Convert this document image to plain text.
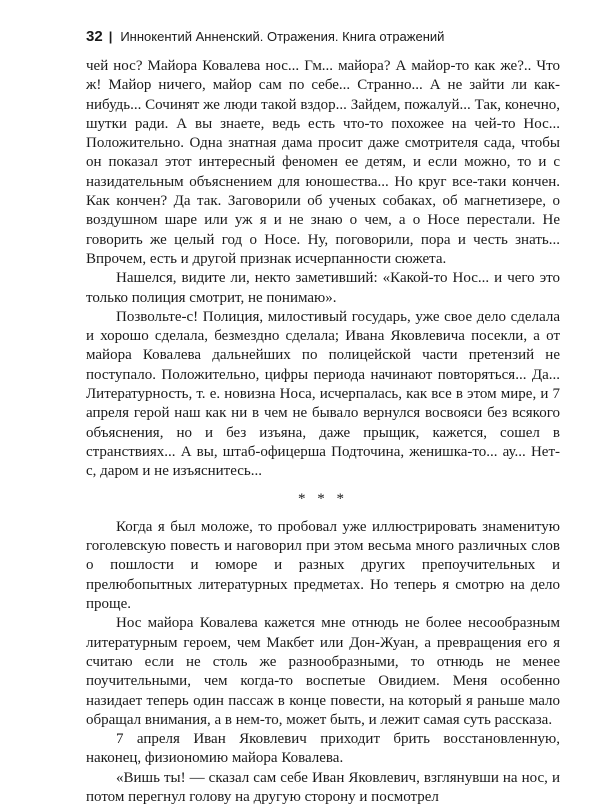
32 | Иннокентий Анненский. Отражения. Книга отражений

чей нос? Майора Ковалева нос... Гм... майора? А майор-то как же?.. Что ж! Майор ничего, майор сам по себе... Странно... А не зайти ли как-нибудь... Сочинят же люди такой вздор... Зайдем, пожалуй... Так, конечно, шутки ради. А вы знаете, ведь есть что-то похожее на чей-то Нос... Положительно. Одна знатная дама просит даже смотрителя сада, чтобы он показал этот интересный феномен ее детям, и если можно, то и с назидательным объяснением для юношества... Но круг все-таки кончен. Как кончен? Да так. Заговорили об ученых собаках, об магнетизере, о воздушном шаре или уж я и не знаю о чем, а о Носе перестали. Не говорить же целый год о Носе. Ну, поговорили, пора и честь знать... Впрочем, есть и другой признак исчерпанности сюжета.

Нашелся, видите ли, некто заметивший: «Какой-то Нос... и чего это только полиция смотрит, не понимаю».

Позвольте-с! Полиция, милостивый государь, уже свое дело сделала и хорошо сделала, безмездно сделала; Ивана Яковлевича посекли, а от майора Ковалева дальнейших по полицейской части претензий не поступало. Положительно, цифры периода начинают повторяться... Да... Литературность, т. е. новизна Носа, исчерпалась, как все в этом мире, и 7 апреля герой наш как ни в чем не бывало вернулся восвояси без всякого объяснения, но и без изъяна, даже прыщик, кажется, сошел в странствиях... А вы, штаб-офицерша Подточина, женишка-то... ау... Нет-с, даром и не изъяснитесь...

* * *

Когда я был моложе, то пробовал уже иллюстрировать знаменитую гоголевскую повесть и наговорил при этом весьма много различных слов о пошлости и юморе и разных других препоучительных и прелюбопытных литературных предметах. Но теперь я смотрю на дело проще.

Нос майора Ковалева кажется мне отнюдь не более несообразным литературным героем, чем Макбет или Дон-Жуан, а превращения его я считаю если не столь же разнообразными, то отнюдь не менее поучительными, чем когда-то воспетые Овидием. Меня особенно назидает теперь один пассаж в конце повести, на который я раньше мало обращал внимания, а в нем-то, может быть, и лежит самая суть рассказа.

7 апреля Иван Яковлевич приходит брить восстановленную, наконец, физиономию майора Ковалева.

«Вишь ты! — сказал сам себе Иван Яковлевич, взглянувши на нос, и потом перегнул голову на другую сторону и посмотрел
